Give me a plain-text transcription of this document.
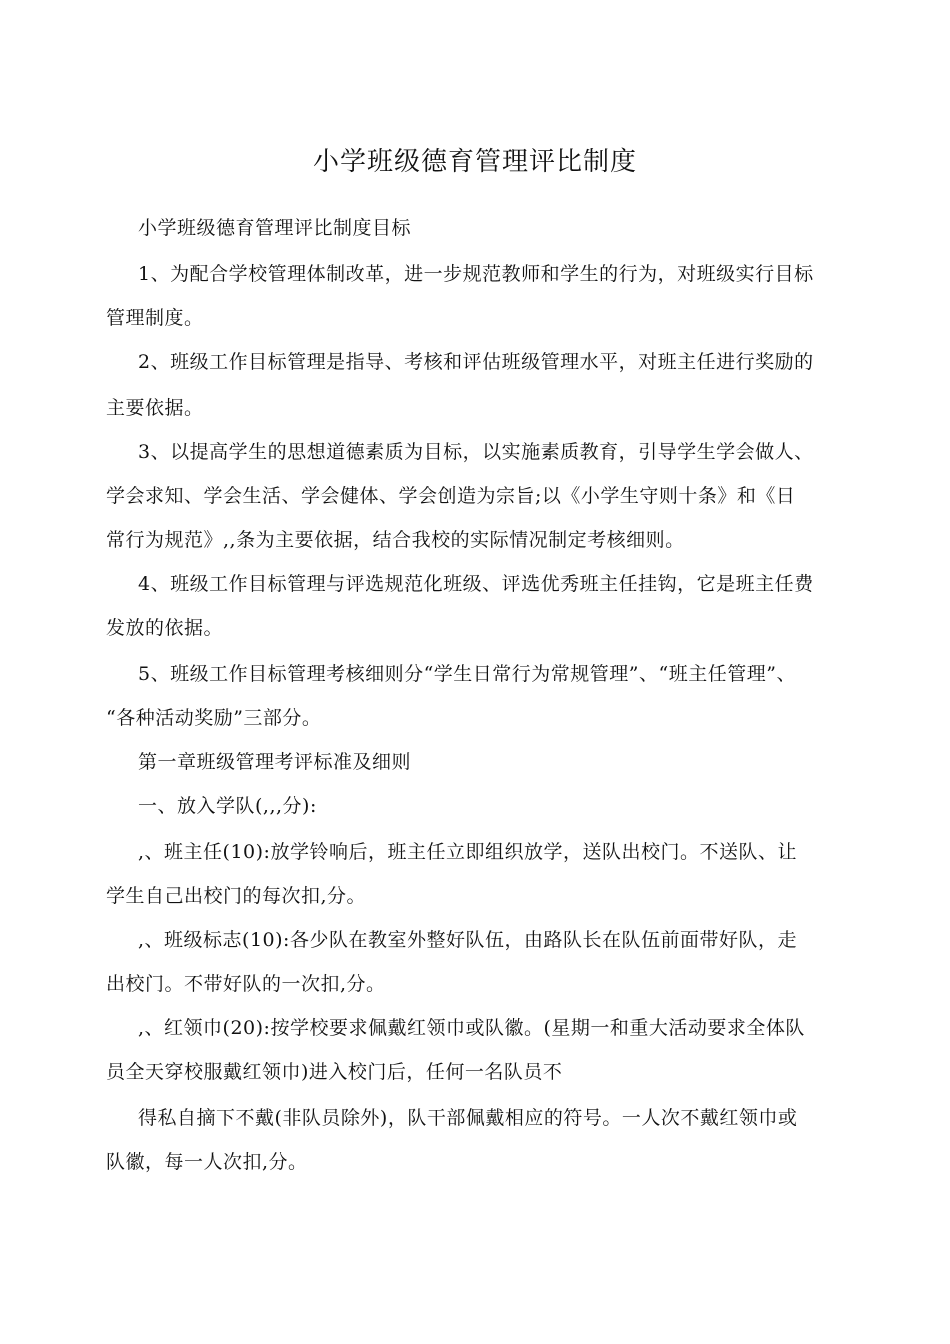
小学班级德育管理评比制度
小学班级德育管理评比制度目标
1、为配合学校管理体制改革，进一步规范教师和学生的行为，对班级实行目标
管理制度。
2、班级工作目标管理是指导、考核和评估班级管理水平，对班主任进行奖励的
主要依据。
3、以提高学生的思想道德素质为目标，以实施素质教育，引导学生学会做人、
学会求知、学会生活、学会健体、学会创造为宗旨;以《小学生守则十条》和《日
常行为规范》,,条为主要依据，结合我校的实际情况制定考核细则。
4、班级工作目标管理与评选规范化班级、评选优秀班主任挂钩，它是班主任费
发放的依据。
5、班级工作目标管理考核细则分“学生日常行为常规管理”、“班主任管理”、
“各种活动奖励”三部分。
第一章班级管理考评标准及细则
一、放入学队(,,,分):
,、班主任(10):放学铃响后，班主任立即组织放学，送队出校门。不送队、让
学生自己出校门的每次扣,分。
,、班级标志(10):各少队在教室外整好队伍，由路队长在队伍前面带好队，走
出校门。不带好队的一次扣,分。
,、红领巾(20):按学校要求佩戴红领巾或队徽。(星期一和重大活动要求全体队
员全天穿校服戴红领巾)进入校门后，任何一名队员不
得私自摘下不戴(非队员除外)，队干部佩戴相应的符号。一人次不戴红领巾或
队徽，每一人次扣,分。
